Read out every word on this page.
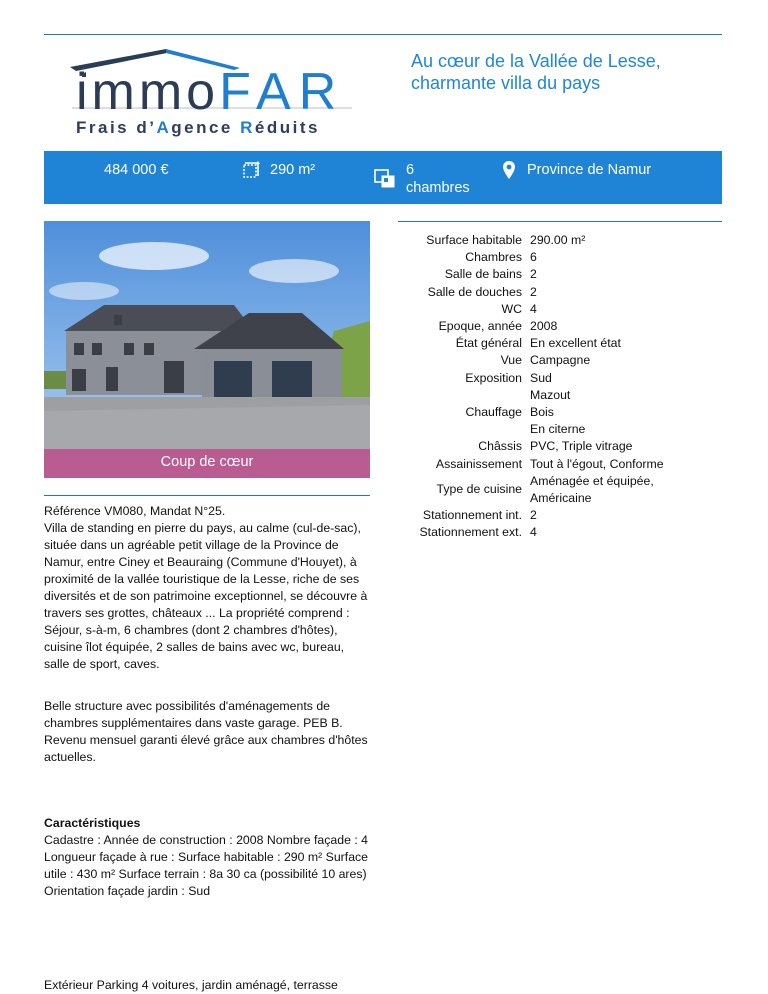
immoFAR
Frais d’Agence Réduits
Au cœur de la Vallée de Lesse, charmante villa du pays
484 000 €	290 m²	6
chambres
Province de Namur
Coup de cœur

Référence VM080, Mandat N°25.
Villa de standing en pierre du pays, au calme (cul-de-sac), située dans un agréable petit village de la Province de Namur, entre Ciney et Beauraing (Commune d'Houyet), à proximité de la vallée touristique de la Lesse, riche de ses diversités et de son patrimoine exceptionnel, se découvre à travers ses grottes, châteaux ... La propriété comprend : Séjour, s-à-m, 6 chambres (dont 2 chambres d'hôtes), cuisine îlot équipée, 2 salles de bains avec wc, bureau, salle de sport, caves.

Belle structure avec possibilités d'aménagements de chambres supplémentaires dans vaste garage. PEB B. Revenu mensuel garanti élevé grâce aux chambres d'hôtes actuelles.

Caractéristiques

Cadastre : Année de construction : 2008 Nombre façade : 4 Longueur façade à rue : Surface habitable : 290 m² Surface utile : 430 m² Surface terrain : 8a 30 ca (possibilité 10 ares) Orientation façade jardin : Sud

Extérieur Parking 4 voitures, jardin aménagé, terrasse

Surface habitable 290.00 m²
Chambres 6
Salle de bains 2
Salle de douches 2
WC 4
Epoque, année 2008
État général En excellent état
Vue Campagne
Exposition Sud
Chauffage
Mazout
Bois
En citerne
Châssis PVC, Triple vitrage
Assainissement Tout à l'égout, Conforme
Type de cuisine
Aménagée et équipée,
Américaine
Stationnement int. 2
Stationnement ext. 4
